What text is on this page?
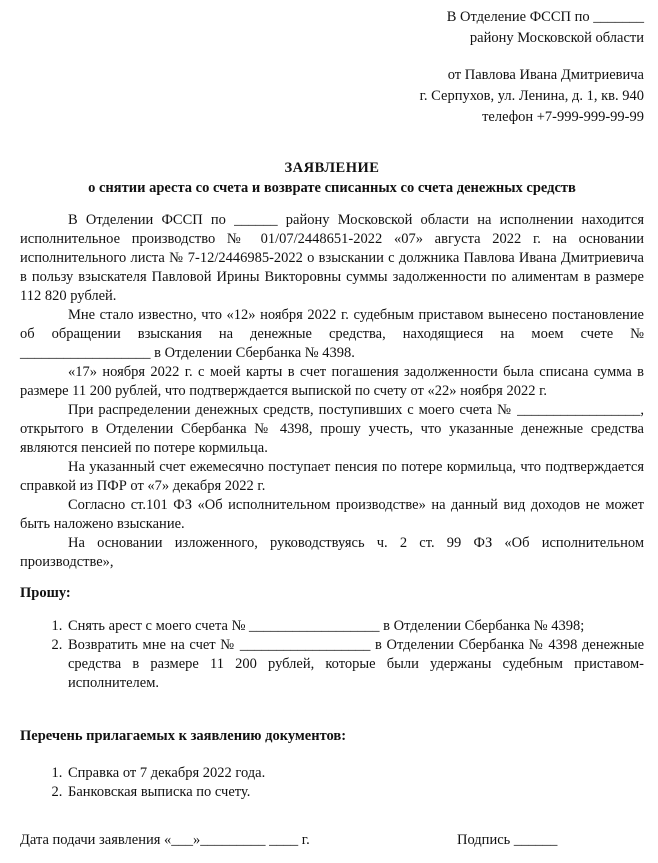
В Отделение ФССП по _______
району Московской области
от Павлова Ивана Дмитриевича
г. Серпухов, ул. Ленина, д. 1, кв. 940
телефон +7-999-999-99-99
ЗАЯВЛЕНИЕ
о снятии ареста со счета и возврате списанных со счета денежных средств

В Отделении ФССП по ______ району Московской области на исполнении находится исполнительное производство № 01/07/2448651-2022 «07» августа 2022 г. на основании исполнительного листа № 7-12/2446985-2022 о взыскании с должника Павлова Ивана Дмитриевича в пользу взыскателя Павловой Ирины Викторовны суммы задолженности по алиментам в размере 112 820 рублей.

Мне стало известно, что «12» ноября 2022 г. судебным приставом вынесено постановление об обращении взыскания на денежные средства, находящиеся на моем счете № __________________ в Отделении Сбербанка № 4398.

«17» ноября 2022 г. с моей карты в счет погашения задолженности была списана сумма в размере 11 200 рублей, что подтверждается выпиской по счету от «22» ноября 2022 г.

При распределении денежных средств, поступивших с моего счета № _________________, открытого в Отделении Сбербанка № 4398, прошу учесть, что указанные денежные средства являются пенсией по потере кормильца.

На указанный счет ежемесячно поступает пенсия по потере кормильца, что подтверждается справкой из ПФР от «7» декабря 2022 г.

Согласно ст.101 ФЗ «Об исполнительном производстве» на данный вид доходов не может быть наложено взыскание.

На основании изложенного, руководствуясь ч. 2 ст. 99 ФЗ «Об исполнительном производстве»,

Прошу:
1. Снять арест с моего счета № __________________ в Отделении Сбербанка № 4398;
2. Возвратить мне на счет № __________________ в Отделении Сбербанка № 4398 денежные средства в размере 11 200 рублей, которые были удержаны судебным приставом-исполнителем.
Перечень прилагаемых к заявлению документов:
1. Справка от 7 декабря 2022 года.
2. Банковская выписка по счету.
Дата подачи заявления «___»_________ ____ г.	Подпись ______
